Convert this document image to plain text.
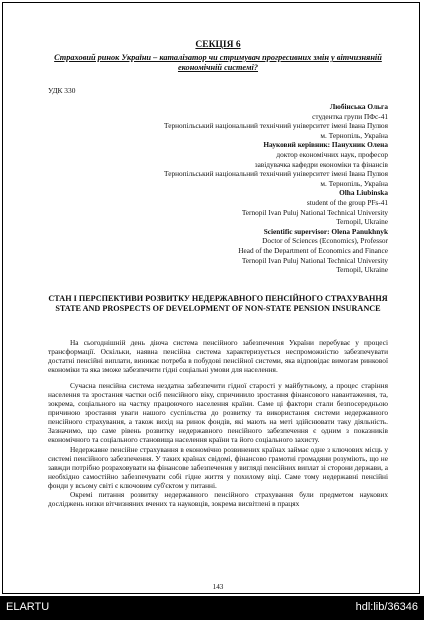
СЕКЦІЯ 6
Страховий ринок України – каталізатор чи стримувач прогресивних змін у вітчизняній економічній системі?
УДК 330
Любінська Ольга
студентка групи ПФс-41
Тернопільський національний технічний університет імені Івана Пулюя
м. Тернопіль, Україна
Науковий керівник: Панухник Олена
доктор економічних наук, професор
завідувачка кафедри економіки та фінансів
Тернопільський національний технічний університет імені Івана Пулюя
м. Тернопіль, Україна
Olha Liubinska
student of the group PFs-41
Ternopil Ivan Puluj National Technical University
Ternopil, Ukraine
Scientific supervisor: Olena Panukhnyk
Doctor of Sciences (Economics), Professor
Head of the Department of Economics and Finance
Ternopil Ivan Puluj National Technical University
Ternopil, Ukraine
СТАН І ПЕРСПЕКТИВИ РОЗВИТКУ НЕДЕРЖАВНОГО ПЕНСІЙНОГО СТРАХУВАННЯ
STATE AND PROSPECTS OF DEVELOPMENT OF NON-STATE PENSION INSURANCE

На сьогоднішній день діюча система пенсійного забезпечення України перебуває у процесі трансформації. Оскільки, наявна пенсійна система характеризується неспроможністю забезпечувати достатні пенсійні виплати, виникає потреба в побудові пенсійної системи, яка відповідає вимогам ринкової економіки та яка зможе забезпечити гідні соціальні умови для населення.

Сучасна пенсійна система нездатна забезпечити гідної старості у майбутньому, а процес старіння населення та зростання частки осіб пенсійного віку, спричинило зростання фінансового навантаження, та, зокрема, соціального на частку працюючого населення країни. Саме ці фактори стали безпосередньою причиною зростання уваги нашого суспільства до розвитку та використання системи недержавного пенсійного страхування, а також вихід на ринок фондів, які мають на меті здійснювати таку діяльність. Зазначимо, що саме рівень розвитку недержавного пенсійного забезпечення є одним з показників економічного та соціального становища населення країни та його соціального захисту.

Недержавне пенсійне страхування в економічно розвинених країнах займає одне з ключових місць у системі пенсійного забезпечення. У таких країнах свідомі, фінансово грамотні громадяни розуміють, що не завжди потрібно розраховувати на фінансове забезпечення у вигляді пенсійних виплат зі сторони держави, а необхідно самостійно забезпечувати собі гідне життя у похилому віці. Саме тому недержавні пенсійні фонди у всьому світі є ключовим суб'єктом у питанні.

Окремі питання розвитку недержавного пенсійного страхування були предметом наукових досліджень низки вітчизняних вчених та науковців, зокрема висвітлені в працях

143
ELARTU	hdl:lib/36346
